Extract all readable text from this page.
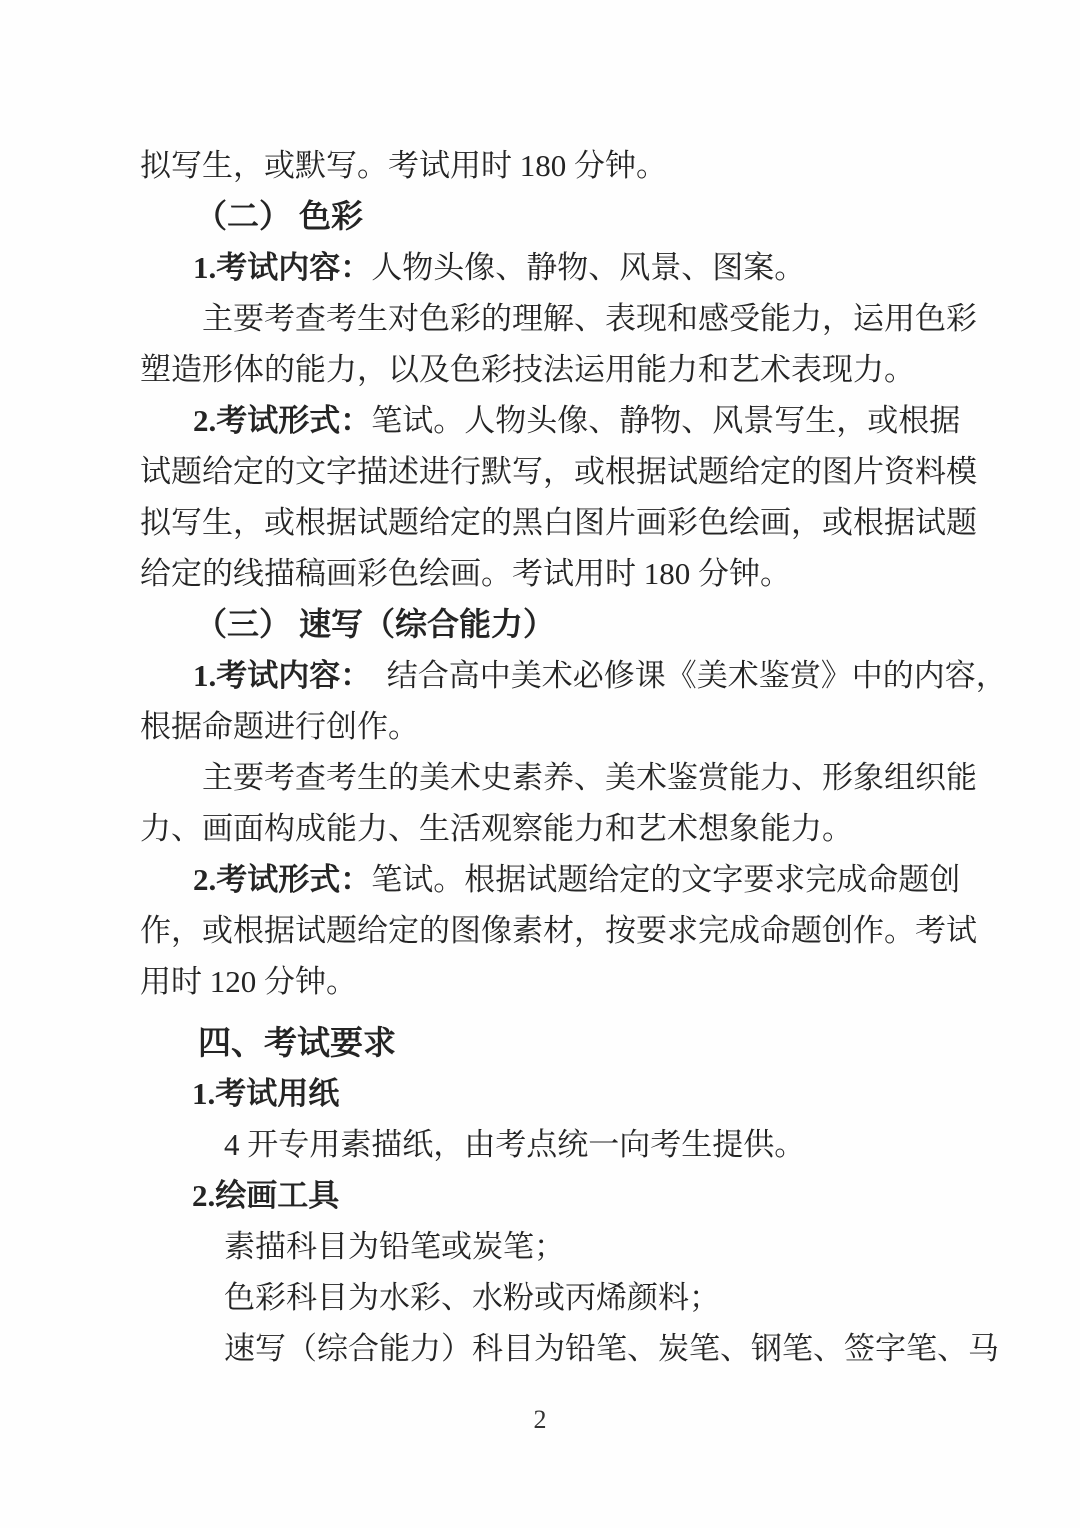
拟写生，或默写。考试用时 180 分钟。
（二） 色彩
1.考试内容：人物头像、静物、风景、图案。
主要考查考生对色彩的理解、表现和感受能力，运用色彩
塑造形体的能力，以及色彩技法运用能力和艺术表现力。
2.考试形式：笔试。人物头像、静物、风景写生，或根据
试题给定的文字描述进行默写，或根据试题给定的图片资料模
拟写生，或根据试题给定的黑白图片画彩色绘画，或根据试题
给定的线描稿画彩色绘画。考试用时 180 分钟。
（三） 速写（综合能力）
1.考试内容：　结合高中美术必修课《美术鉴赏》中的内容，
根据命题进行创作。
主要考查考生的美术史素养、美术鉴赏能力、形象组织能
力、画面构成能力、生活观察能力和艺术想象能力。
2.考试形式：笔试。根据试题给定的文字要求完成命题创
作，或根据试题给定的图像素材，按要求完成命题创作。考试
用时 120 分钟。
四、考试要求
1.考试用纸
4 开专用素描纸，由考点统一向考生提供。
2.绘画工具
素描科目为铅笔或炭笔；
色彩科目为水彩、水粉或丙烯颜料；
速写（综合能力）科目为铅笔、炭笔、钢笔、签字笔、马
2
